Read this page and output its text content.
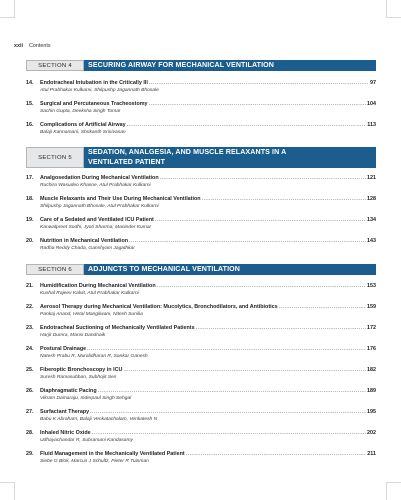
xxii Contents
SECTION 4	SECURING AIRWAY FOR MECHANICAL VENTILATION
14. Endotracheal Intubation in the Critically Ill .....	97
Atul Prabhakar Kulkarni, Shilpushp Jagannath Bhosale
15. Surgical and Percutaneous Tracheostomy .....	104
Sachin Gupta, Deeksha Singh Tomar
16. Complications of Artificial Airway .....	113
Balaji Kannamani, Shrikanth Srinivasan
SECTION 5
SEDATION, ANALGESIA, AND MUSCLE RELAXANTS IN A
VENTILATED PATIENT
17. Analgosedation During Mechanical Ventilation .....	121
Ruchira Wasudeo Khasne, Atul Prabhakar Kulkarni
18. Muscle Relaxants and Their Use During Mechanical Ventilation .....	128
Shilpushp Jagannath Bhosale, Atul Prabhakar Kulkarni
19. Care of a Sedated and Ventilated ICU Patient .....	134
Kanwalpreet Sodhi, Jyoti Sharma, Maninder Kumar
20. Nutrition in Mechanical Ventilation .....	143
Radha Reddy Chada, Ganshyam Jagathkar
SECTION 6	ADJUNCTS TO MECHANICAL VENTILATION
21. Humidification During Mechanical Ventilation .....	153
Kushal Rajeev Kalvit, Atul Prabhakar Kulkarni
22. Aerosol Therapy during Mechanical Ventilation: Mucolytics, Bronchodilators, and Antibiotics .....	159
Pankaj Anand, Hetal Mangilwani, Nitesh Sunilia
23. Endotracheal Suctioning of Mechanically Ventilated Patients .....	172
Harjit Dumra, Mansi Dandnaik
24. Postural Drainage .....	176
Natesh Prabu R, Muralidharan R, Sankar Ganesh
25. Fiberoptic Bronchoscopy in ICU .....	182
Suresh Ramasubban, Subhojit Sen
26. Diaphragmatic Pacing .....	189
Vikram Damaraju, Inderpaul Singh Sehgal
27. Surfactant Therapy .....	195
Babu K Abraham, Balaji Venkatachalam, Venkatesh N
28. Inhaled Nitric Oxide .....	202
Udhayachandar R, Subramani Kandasamy
29. Fluid Management in the Mechanically Ventilated Patient .....	211
Siebe G Blok, Marcus J Schultz, Pieter R Tuinman
